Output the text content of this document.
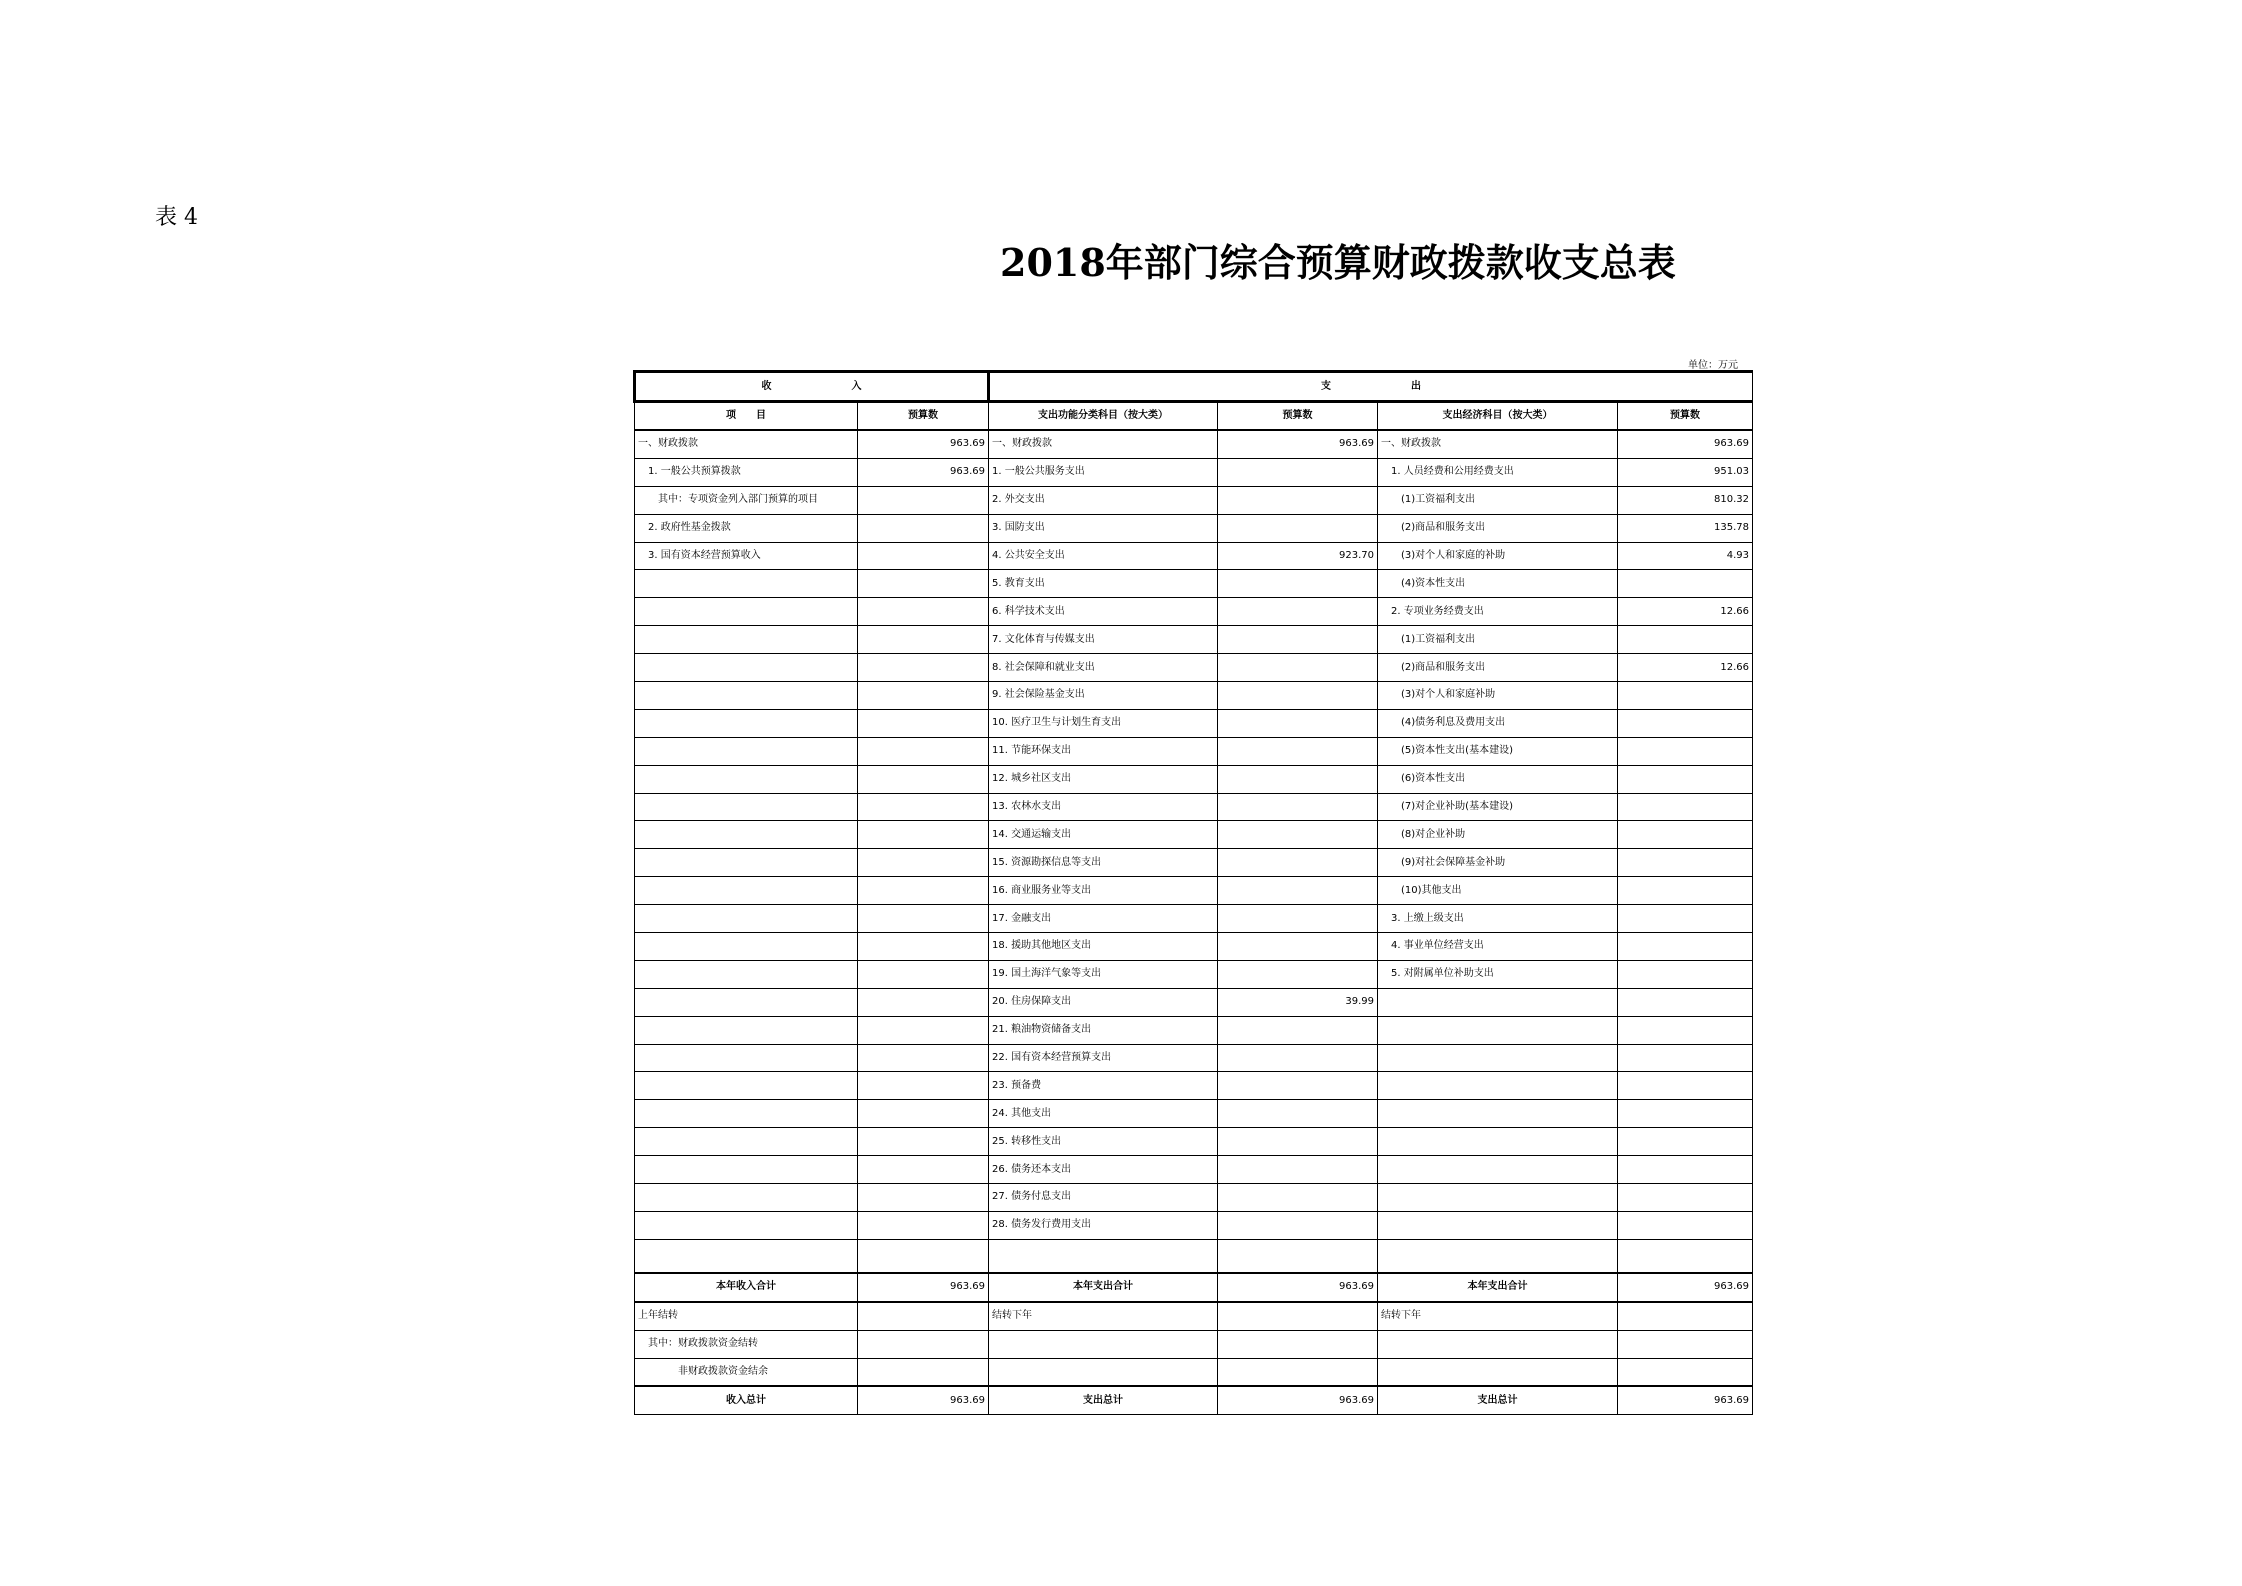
表 4
2018年部门综合预算财政拨款收支总表
单位：万元
收　　　　　　　　入		支　　　　　　　　出			
项　　目	预算数	支出功能分类科目（按大类）	预算数	支出经济科目（按大类）	预算数
一、财政拨款	963.69	一、财政拨款	963.69	一、财政拨款	963.69
　1. 一般公共预算拨款	963.69	1. 一般公共服务支出		　1. 人员经费和公用经费支出	951.03
　　其中：专项资金列入部门预算的项目		2. 外交支出		　　(1)工资福利支出	810.32
　2. 政府性基金拨款		3. 国防支出		　　(2)商品和服务支出	135.78
　3. 国有资本经营预算收入		4. 公共安全支出	923.70	　　(3)对个人和家庭的补助	4.93
		5. 教育支出		　　(4)资本性支出	
		6. 科学技术支出		　2. 专项业务经费支出	12.66
		7. 文化体育与传媒支出		　　(1)工资福利支出	
		8. 社会保障和就业支出		　　(2)商品和服务支出	12.66
		9. 社会保险基金支出		　　(3)对个人和家庭补助	
		10. 医疗卫生与计划生育支出		　　(4)债务利息及费用支出	
		11. 节能环保支出		　　(5)资本性支出(基本建设)	
		12. 城乡社区支出		　　(6)资本性支出	
		13. 农林水支出		　　(7)对企业补助(基本建设)	
		14. 交通运输支出		　　(8)对企业补助	
		15. 资源勘探信息等支出		　　(9)对社会保障基金补助	
		16. 商业服务业等支出		　　(10)其他支出	
		17. 金融支出		　3. 上缴上级支出	
		18. 援助其他地区支出		　4. 事业单位经营支出	
		19. 国土海洋气象等支出		　5. 对附属单位补助支出	
		20. 住房保障支出	39.99		
		21. 粮油物资储备支出			
		22. 国有资本经营预算支出			
		23. 预备费			
		24. 其他支出			
		25. 转移性支出			
		26. 债务还本支出			
		27. 债务付息支出			
		28. 债务发行费用支出			

本年收入合计	963.69	本年支出合计	963.69	本年支出合计	963.69
上年结转		结转下年		结转下年	
　其中：财政拨款资金结转					
　　　　非财政拨款资金结余					
收入总计	963.69	支出总计	963.69	支出总计	963.69
